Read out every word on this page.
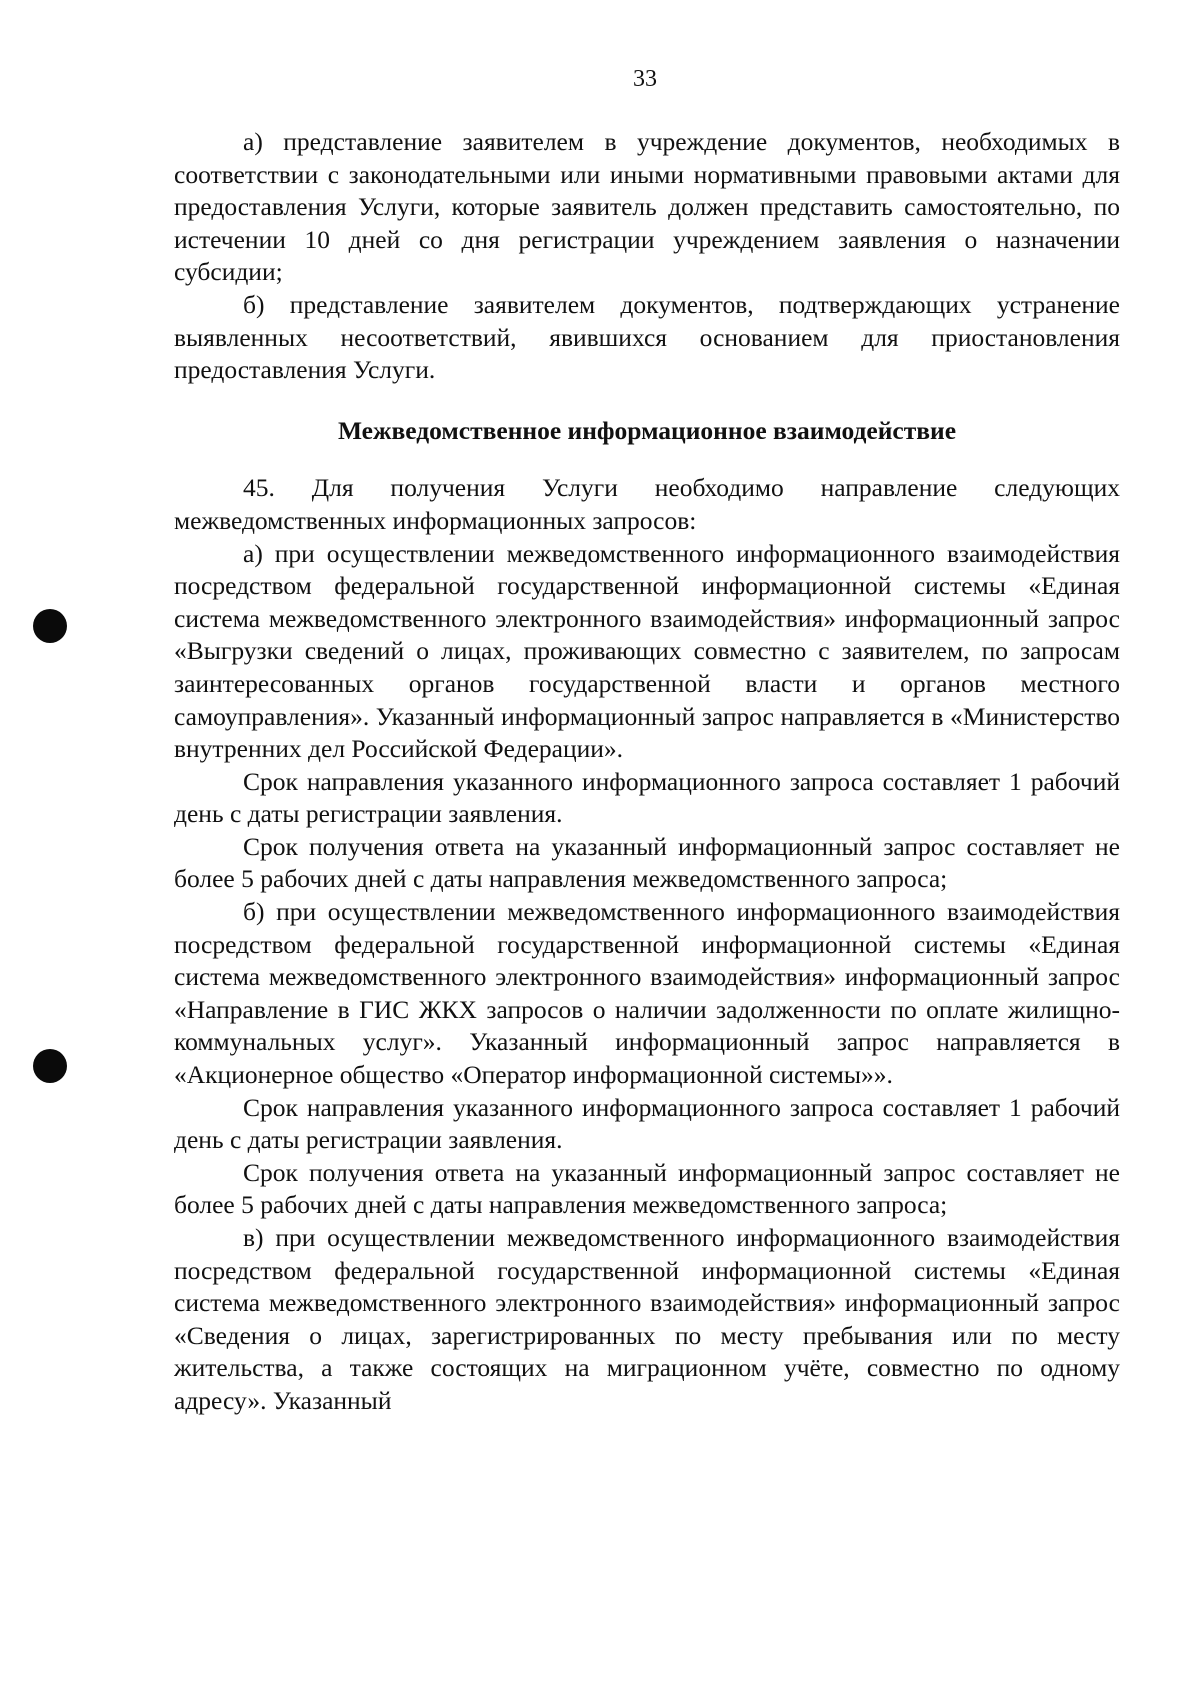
33

а) представление заявителем в учреждение документов, необходимых в соответствии с законодательными или иными нормативными правовыми актами для предоставления Услуги, которые заявитель должен представить самостоятельно, по истечении 10 дней со дня регистрации учреждением заявления о назначении субсидии;

б) представление заявителем документов, подтверждающих устранение выявленных несоответствий, явившихся основанием для приостановления предоставления Услуги.

Межведомственное информационное взаимодействие

45. Для получения Услуги необходимо направление следующих межведомственных информационных запросов:

а) при осуществлении межведомственного информационного взаимодействия посредством федеральной государственной информационной системы «Единая система межведомственного электронного взаимодействия» информационный запрос «Выгрузки сведений о лицах, проживающих совместно с заявителем, по запросам заинтересованных органов государственной власти и органов местного самоуправления». Указанный информационный запрос направляется в «Министерство внутренних дел Российской Федерации».

Срок направления указанного информационного запроса составляет 1 рабочий день с даты регистрации заявления.

Срок получения ответа на указанный информационный запрос составляет не более 5 рабочих дней с даты направления межведомственного запроса;

б) при осуществлении межведомственного информационного взаимодействия посредством федеральной государственной информационной системы «Единая система межведомственного электронного взаимодействия» информационный запрос «Направление в ГИС ЖКХ запросов о наличии задолженности по оплате жилищно-коммунальных услуг». Указанный информационный запрос направляется в «Акционерное общество «Оператор информационной системы»».

Срок направления указанного информационного запроса составляет 1 рабочий день с даты регистрации заявления.

Срок получения ответа на указанный информационный запрос составляет не более 5 рабочих дней с даты направления межведомственного запроса;

в) при осуществлении межведомственного информационного взаимодействия посредством федеральной государственной информационной системы «Единая система межведомственного электронного взаимодействия» информационный запрос «Сведения о лицах, зарегистрированных по месту пребывания или по месту жительства, а также состоящих на миграционном учёте, совместно по одному адресу». Указанный
